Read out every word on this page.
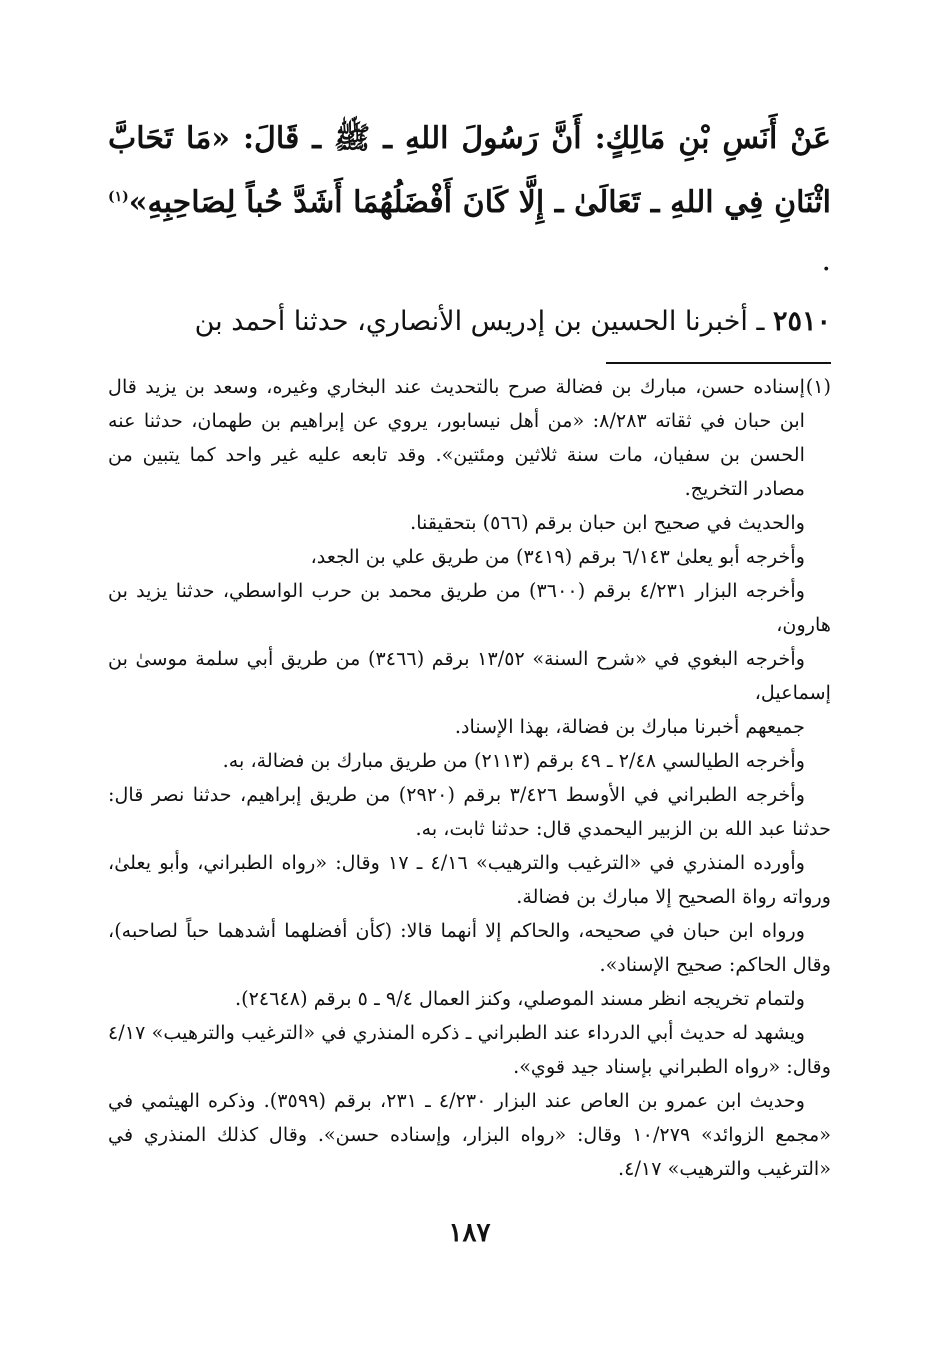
عَنْ أَنَسِ بْنِ مَالِكٍ: أَنَّ رَسُولَ اللهِ ـ ﷺ ـ قَالَ: «مَا تَحَابَّ اثْنَانِ فِي اللهِ ـ تَعَالَىٰ ـ إِلَّا كَانَ أَفْضَلُهُمَا أَشَدَّ حُباً لِصَاحِبِهِ»$^{(١)}$ .

٢٥١٠ ـ أخبرنا الحسين بن إدريس الأنصاري، حدثنا أحمد بن

(١)
إسناده حسن، مبارك بن فضالة صرح بالتحديث عند البخاري وغيره، وسعد بن يزيد قال ابن حبان في ثقاته ٨/٢٨٣: «من أهل نيسابور، يروي عن إبراهيم بن طهمان، حدثنا عنه الحسن بن سفيان، مات سنة ثلاثين ومئتين». وقد تابعه عليه غير واحد كما يتبين من مصادر التخريج.

والحديث في صحيح ابن حبان برقم (٥٦٦) بتحقيقنا.

وأخرجه أبو يعلىٰ ٦/١٤٣ برقم (٣٤١٩) من طريق علي بن الجعد،

وأخرجه البزار ٤/٢٣١ برقم (٣٦٠٠) من طريق محمد بن حرب الواسطي، حدثنا يزيد بن هارون،

وأخرجه البغوي في «شرح السنة» ١٣/٥٢ برقم (٣٤٦٦) من طريق أبي سلمة موسىٰ بن إسماعيل،

جميعهم أخبرنا مبارك بن فضالة، بهذا الإسناد.

وأخرجه الطيالسي ٢/٤٨ ـ ٤٩ برقم (٢١١٣) من طريق مبارك بن فضالة، به.

وأخرجه الطبراني في الأوسط ٣/٤٢٦ برقم (٢٩٢٠) من طريق إبراهيم، حدثنا نصر قال: حدثنا عبد الله بن الزبير اليحمدي قال: حدثنا ثابت، به.

وأورده المنذري في «الترغيب والترهيب» ٤/١٦ ـ ١٧ وقال: «رواه الطبراني، وأبو يعلىٰ، ورواته رواة الصحيح إلا مبارك بن فضالة.

ورواه ابن حبان في صحيحه، والحاكم إلا أنهما قالا: (كأن أفضلهما أشدهما حباً لصاحبه)، وقال الحاكم: صحيح الإسناد».

ولتمام تخريجه انظر مسند الموصلي، وكنز العمال ٩/٤ ـ ٥ برقم (٢٤٦٤٨).

ويشهد له حديث أبي الدرداء عند الطبراني ـ ذكره المنذري في «الترغيب والترهيب» ٤/١٧ وقال: «رواه الطبراني بإسناد جيد قوي».

وحديث ابن عمرو بن العاص عند البزار ٤/٢٣٠ ـ ٢٣١، برقم (٣٥٩٩). وذكره الهيثمي في «مجمع الزوائد» ١٠/٢٧٩ وقال: «رواه البزار، وإسناده حسن». وقال كذلك المنذري في «الترغيب والترهيب» ٤/١٧.

١٨٧
